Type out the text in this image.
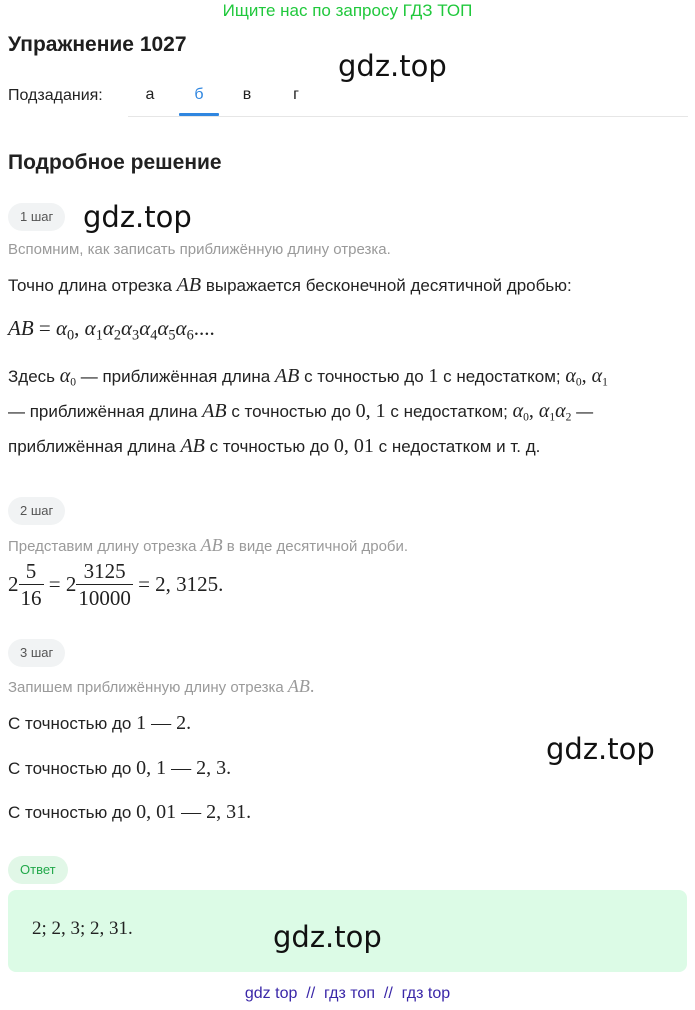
Ищите нас по запросу ГДЗ ТОП
Упражнение 1027
gdz.top
Подзадания:	а	б	в	г
Подробное решение
1 шаг	gdz.top
Вспомним, как записать приближённую длину отрезка.
Точно длина отрезка AB выражается бесконечной десятичной дробью:
AB = $\alpha_0$, $\alpha_1\alpha_2\alpha_3\alpha_4\alpha_5\alpha_6$....
Здесь $\alpha_0$ — приближённая длина AB с точностью до 1 с недостатком; $\alpha_0$, $\alpha_1$
— приближённая длина AB с точностью до 0, 1 с недостатком; $\alpha_0$, $\alpha_1\alpha_2$ —
приближённая длина AB с точностью до 0, 01 с недостатком и т. д.
2 шаг
Представим длину отрезка AB в виде десятичной дроби.
$2 \frac{5}{16} = 2 \frac{3125}{10000} = 2$, 3125.
3 шаг
Запишем приближённую длину отрезка AB.
С точностью до 1 — 2.
gdz.top
С точностью до 0, 1 — 2, 3.
С точностью до 0, 01 — 2, 31.
Ответ
2; 2, 3; 2, 31.	gdz.top
gdz top  //  гдз топ  //  гдз top
